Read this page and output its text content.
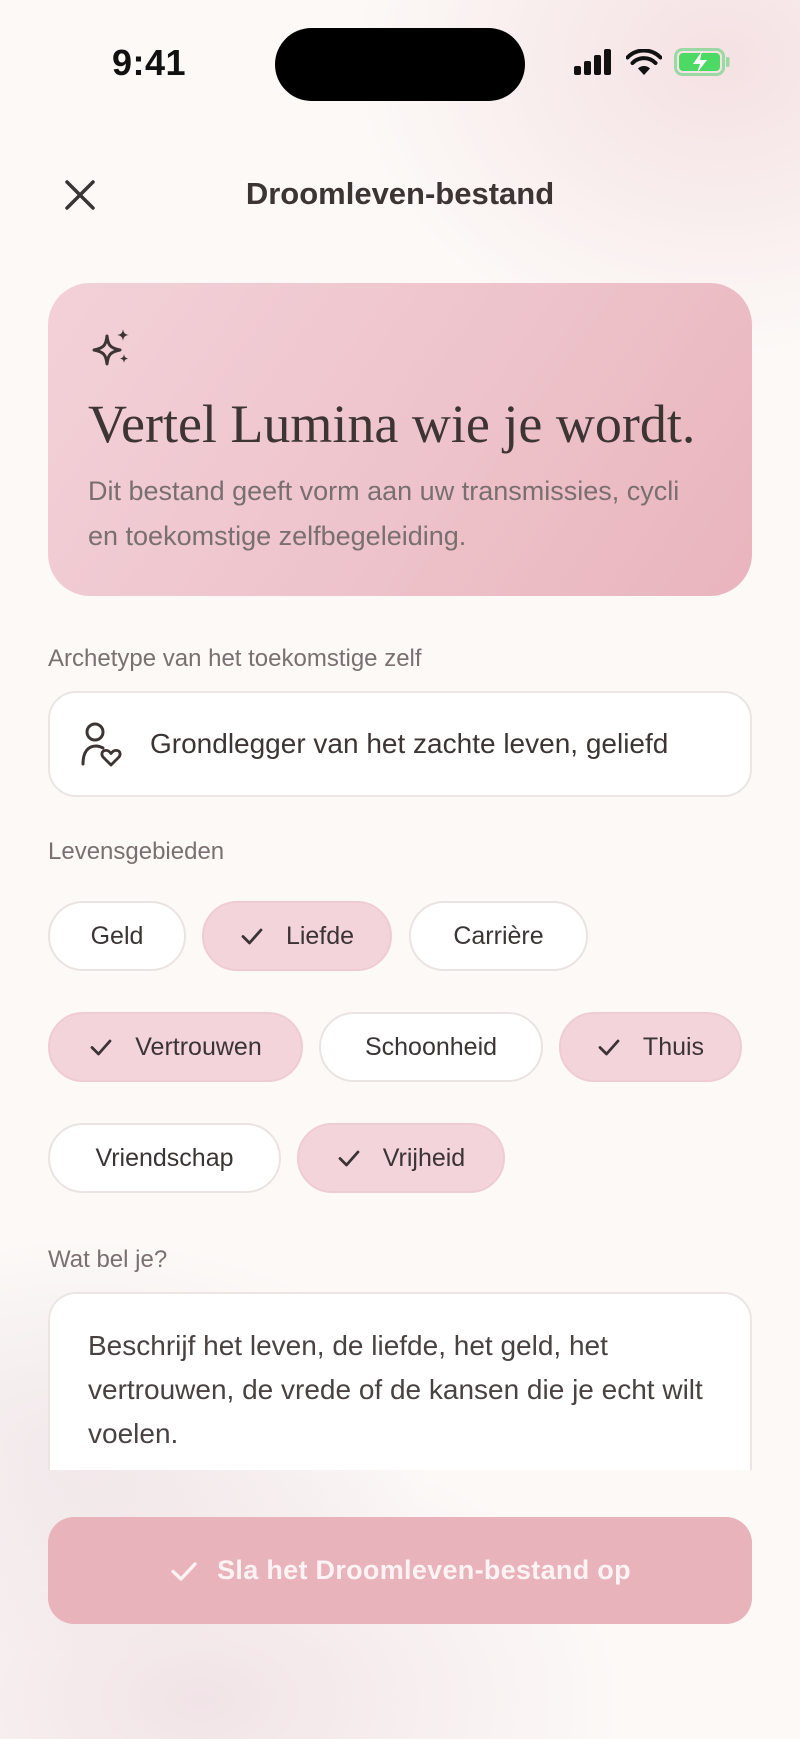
9:41
Droomleven-bestand
Vertel Lumina wie je wordt.
Dit bestand geeft vorm aan uw transmissies, cycli en toekomstige zelfbegeleiding.
Archetype van het toekomstige zelf
Grondlegger van het zachte leven, geliefd
Levensgebieden
Geld	Liefde	Carrière
Vertrouwen	Schoonheid	Thuis
Vriendschap	Vrijheid
Wat bel je?
Beschrijf het leven, de liefde, het geld, het vertrouwen, de vrede of de kansen die je echt wilt voelen.
Sla het Droomleven-bestand op
